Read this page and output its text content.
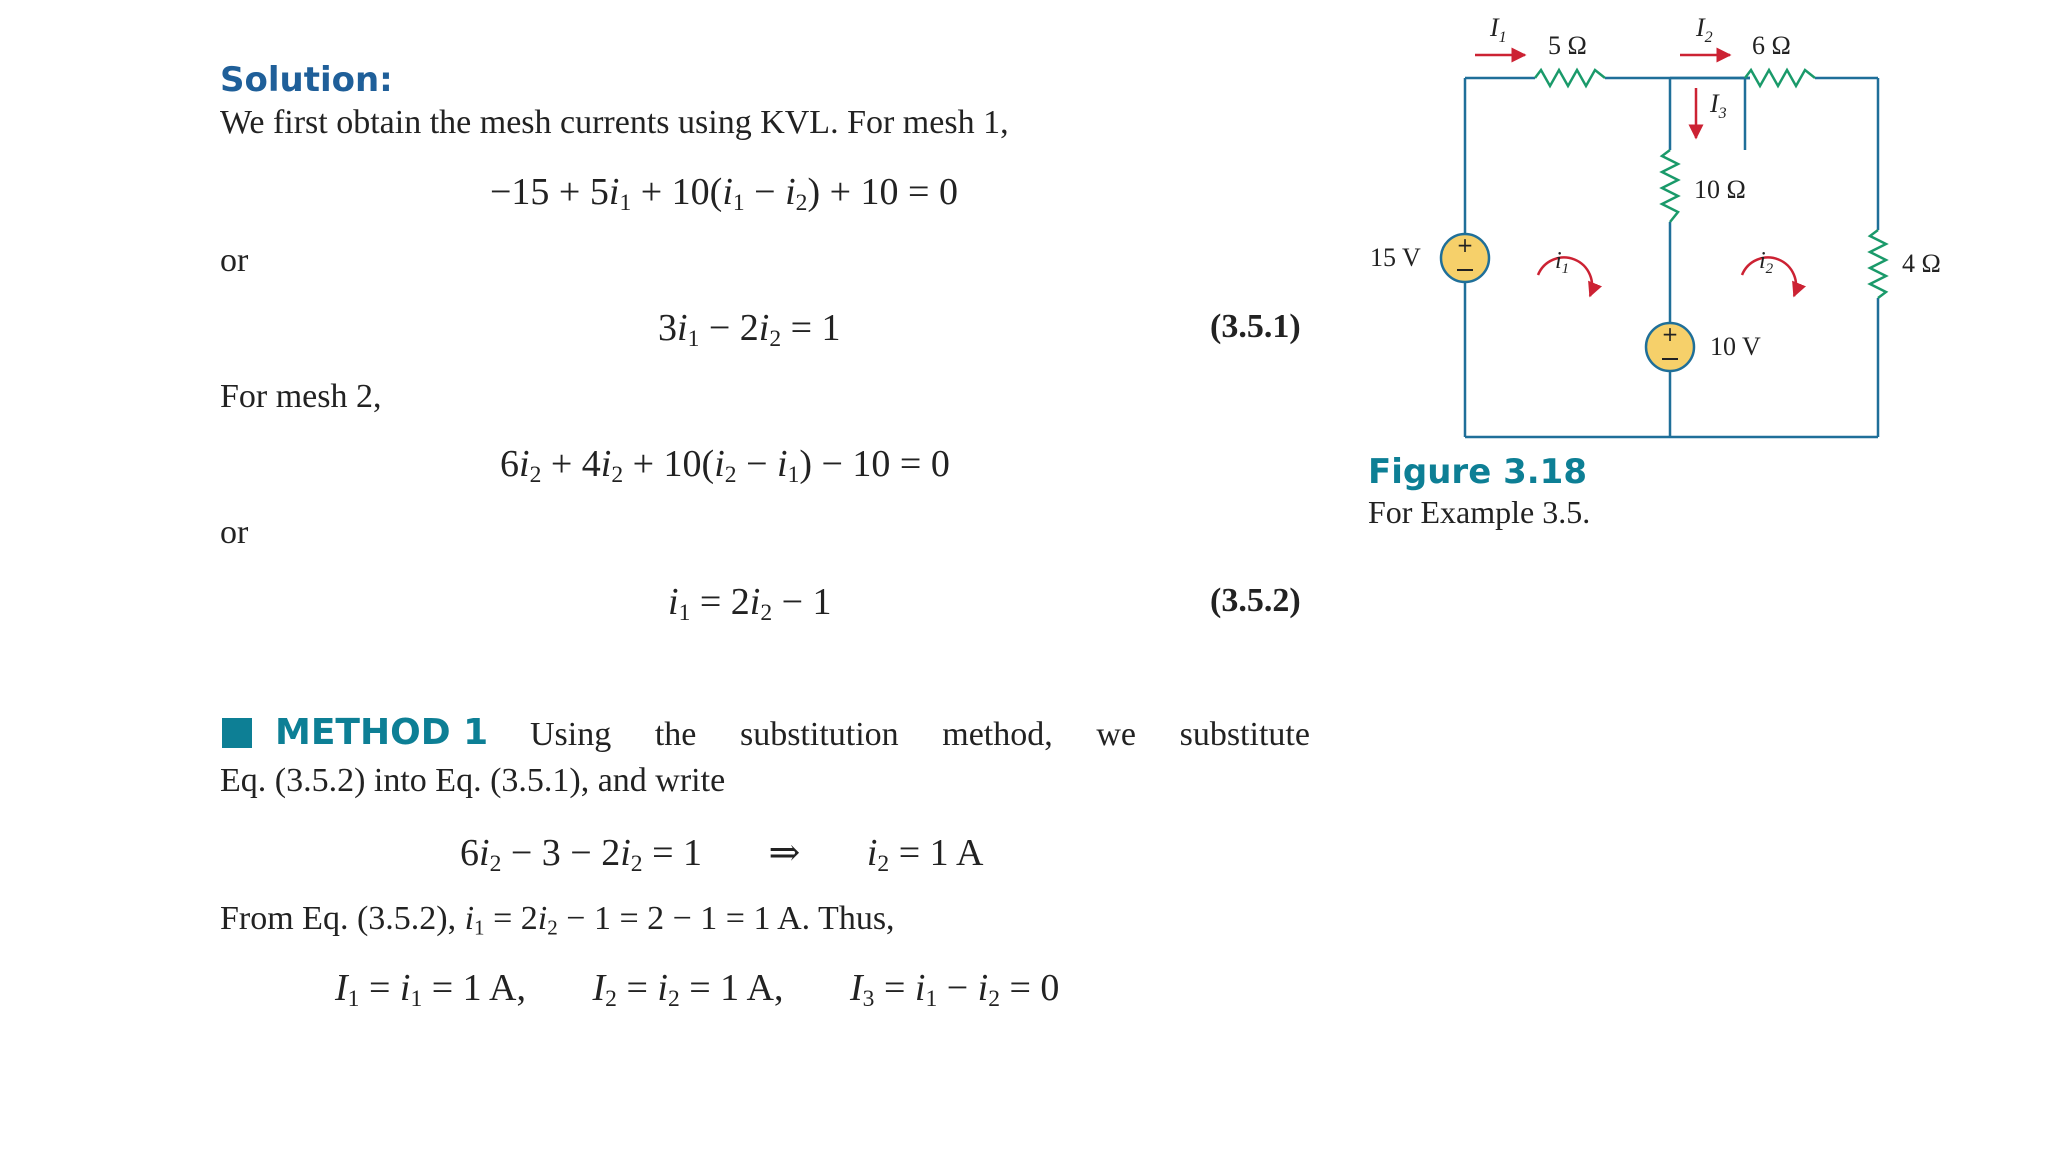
Solution:
We first obtain the mesh currents using KVL. For mesh 1,
$-15 + 5i_1 + 10(i_1 - i_2) + 10 = 0$
or
$3i_1 - 2i_2 = 1$	(3.5.1)
For mesh 2,
$6i_2 + 4i_2 + 10(i_2 - i_1) - 10 = 0$
or
$i_1 = 2i_2 - 1$	(3.5.2)
METHOD 1 Using the substitution method, we substitute
Eq. (3.5.2) into Eq. (3.5.1), and write
$6i_2 - 3 - 2i_2 = 1$       ⇒       $i_2 = 1$ A
From Eq. (3.5.2), $i_1 = 2i_2 - 1 = 2 - 1 = 1$ A. Thus,
$I_1 = i_1 = 1$ A,       $I_2 = i_2 = 1$ A,       $I_3 = i_1 - i_2 = 0$
+
+
5 Ω	6 Ω
10 Ω
4 Ω
15 V
10 V
$I_1$	$I_2$
$I_3$
$i_1$	$i_2$
Figure 3.18
For Example 3.5.
